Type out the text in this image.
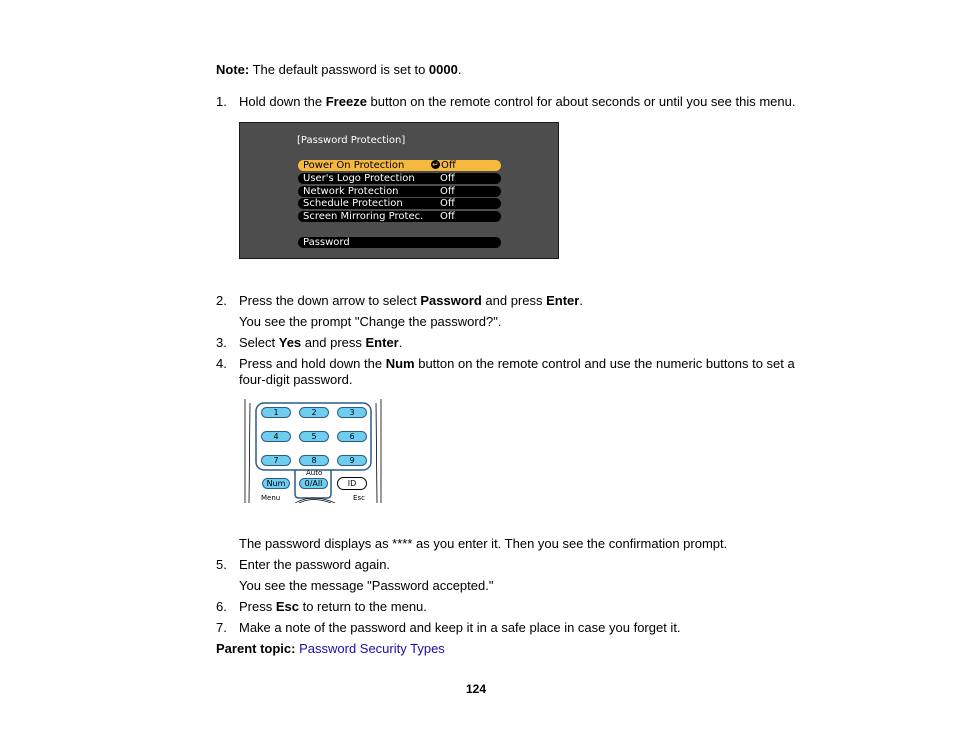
Note: The default password is set to 0000.
1. Hold down the Freeze button on the remote control for about seconds or until you see this menu.
[Password Protection]
Power On Protection	↵ Off
User's Logo Protection	Off
Network Protection	Off
Schedule Protection	Off
Screen Mirroring Protec. Off
Password
2. Press the down arrow to select Password and press Enter.
You see the prompt "Change the password?".
3. Select Yes and press Enter.
4. Press and hold down the Num button on the remote control and use the numeric buttons to set a
four-digit password.
1	2	3
4	5	6
7	8	9
Auto
Num	0/All	ID
Menu	Esc
The password displays as **** as you enter it. Then you see the confirmation prompt.
5. Enter the password again.
You see the message "Password accepted."
6. Press Esc to return to the menu.
7. Make a note of the password and keep it in a safe place in case you forget it.
Parent topic: Password Security Types
124
